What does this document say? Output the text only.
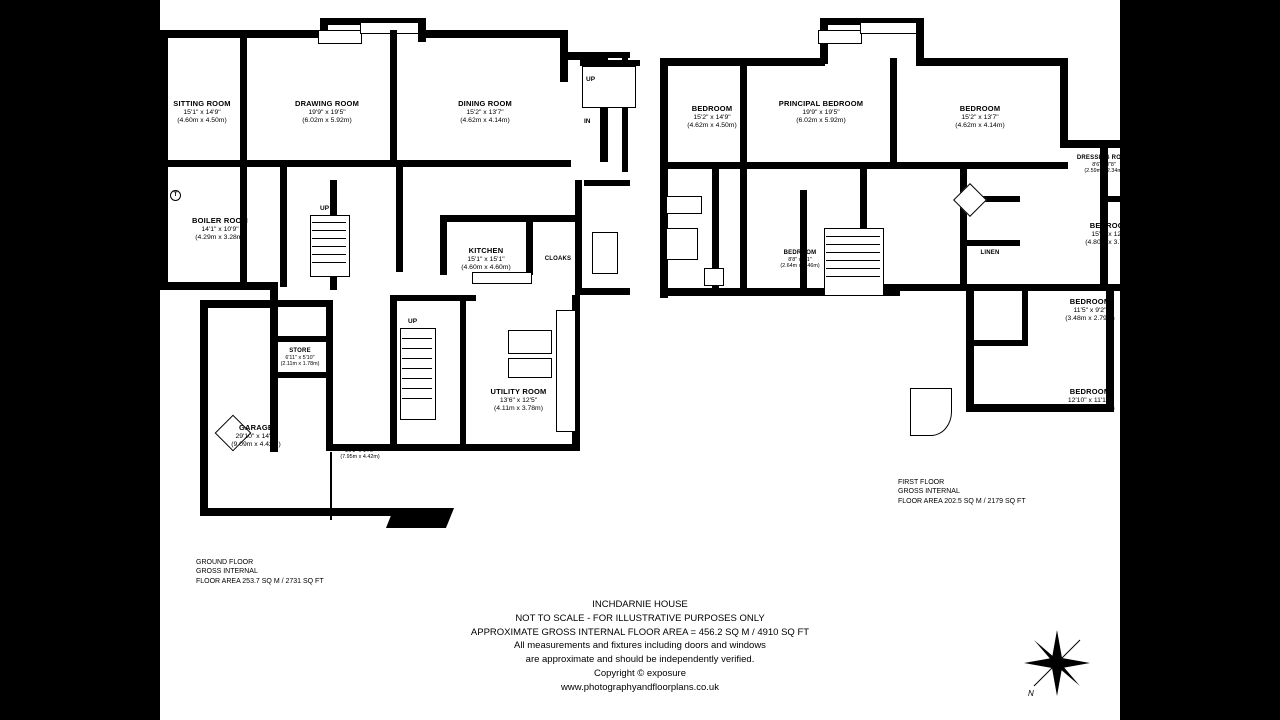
SITTING ROOM
15'1" x 14'9"
(4.60m x 4.50m)
DRAWING ROOM
19'9" x 19'5"
(6.02m x 5.92m)
DINING ROOM
15'2" x 13'7"
(4.62m x 4.14m)
BOILER ROOM
14'1" x 10'9"
(4.29m x 3.28m)
KITCHEN
15'1" x 15'1"
(4.60m x 4.60m)
CLOAKS
STORE
6'11" x 5'10"
(2.11m x 1.78m)
UTILITY ROOM
13'6" x 12'5"
(4.11m x 3.78m)
GARAGE
29'10" x 14'6"
(9.09m x 4.42m)
26'1" x 14'6"
(7.95m x 4.42m)
UP
IN
UP
UP
T
GROUND FLOOR
GROSS INTERNAL
FLOOR AREA 253.7 SQ M / 2731 SQ FT
BEDROOM
15'2" x 14'9"
(4.62m x 4.50m)
PRINCIPAL BEDROOM
19'9" x 19'5"
(6.02m x 5.92m)
BEDROOM
15'2" x 13'7"
(4.62m x 4.14m)
DRESSING ROOM
8'6" x 7'8"
(2.59m x 2.34m)
BEDROOM
15'9" x 12'5"
(4.80m x 3.78m)
LINEN
BEDROOM
8'8" x 8'1"
(2.64m x 2.46m)
BEDROOM
11'5" x 9'2"
(3.48m x 2.79m)
BEDROOM
12'10" x 11'10"
(3.91m x 3.61m)
FIRST FLOOR
GROSS INTERNAL
FLOOR AREA 202.5 SQ M / 2179 SQ FT
INCHDARNIE HOUSE
NOT TO SCALE - FOR ILLUSTRATIVE PURPOSES ONLY
APPROXIMATE GROSS INTERNAL FLOOR AREA = 456.2 SQ M / 4910 SQ FT
All measurements and fixtures including doors and windows
are approximate and should be independently verified.
Copyright © exposure
www.photographyandfloorplans.co.uk
N
